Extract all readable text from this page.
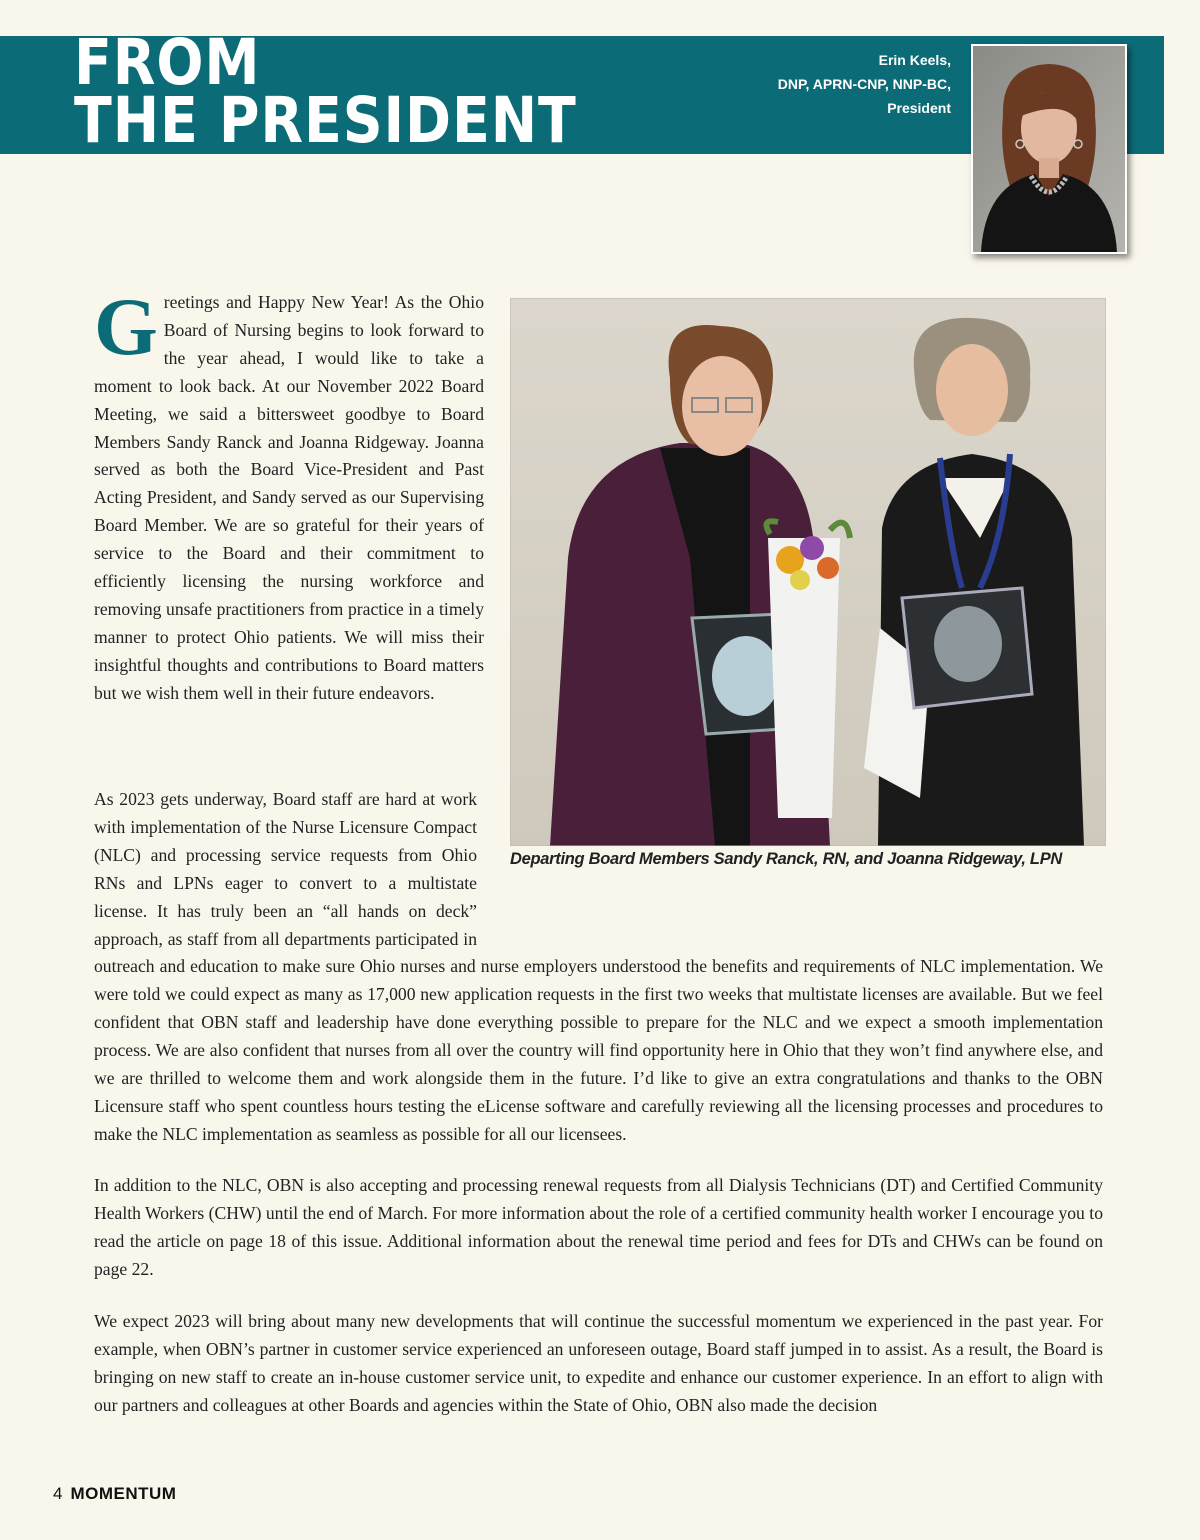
FROM
THE PRESIDENT
Erin Keels,
DNP, APRN-CNP, NNP-BC,
President
Departing Board Members Sandy Ranck, RN, and Joanna Ridgeway, LPN

Greetings and Happy New Year! As the Ohio Board of Nursing begins to look forward to the year ahead, I would like to take a moment to look back. At our November 2022 Board Meeting, we said a bittersweet goodbye to Board Members Sandy Ranck and Joanna Ridgeway. Joanna served as both the Board Vice-President and Past Acting President, and Sandy served as our Supervising Board Member. We are so grateful for their years of service to the Board and their commitment to efficiently licensing the nursing workforce and removing unsafe practitioners from practice in a timely manner to protect Ohio patients. We will miss their insightful thoughts and contributions to Board matters but we wish them well in their future endeavors.

As 2023 gets underway, Board staff are hard at work with implementation of the Nurse Licensure Compact (NLC) and processing service requests from Ohio RNs and LPNs eager to convert to a multistate license. It has truly been an “all hands on deck” approach, as staff from all departments participated in outreach and education to make sure Ohio nurses and nurse employers understood the benefits and requirements of NLC implementation. We were told we could expect as many as 17,000 new application requests in the first two weeks that multistate licenses are available. But we feel confident that OBN staff and leadership have done everything possible to prepare for the NLC and we expect a smooth implementation process. We are also confident that nurses from all over the country will find opportunity here in Ohio that they won’t find anywhere else, and we are thrilled to welcome them and work alongside them in the future. I’d like to give an extra congratulations and thanks to the OBN Licensure staff who spent countless hours testing the eLicense software and carefully reviewing all the licensing processes and procedures to make the NLC implementation as seamless as possible for all our licensees.

In addition to the NLC, OBN is also accepting and processing renewal requests from all Dialysis Technicians (DT) and Certified Community Health Workers (CHW) until the end of March. For more information about the role of a certified community health worker I encourage you to read the article on page 18 of this issue. Additional information about the renewal time period and fees for DTs and CHWs can be found on page 22.

We expect 2023 will bring about many new developments that will continue the successful momentum we experienced in the past year. For example, when OBN’s partner in customer service experienced an unforeseen outage, Board staff jumped in to assist. As a result, the Board is bringing on new staff to create an in-house customer service unit, to expedite and enhance our customer experience. In an effort to align with our partners and colleagues at other Boards and agencies within the State of Ohio, OBN also made the decision

4 MOMENTUM
